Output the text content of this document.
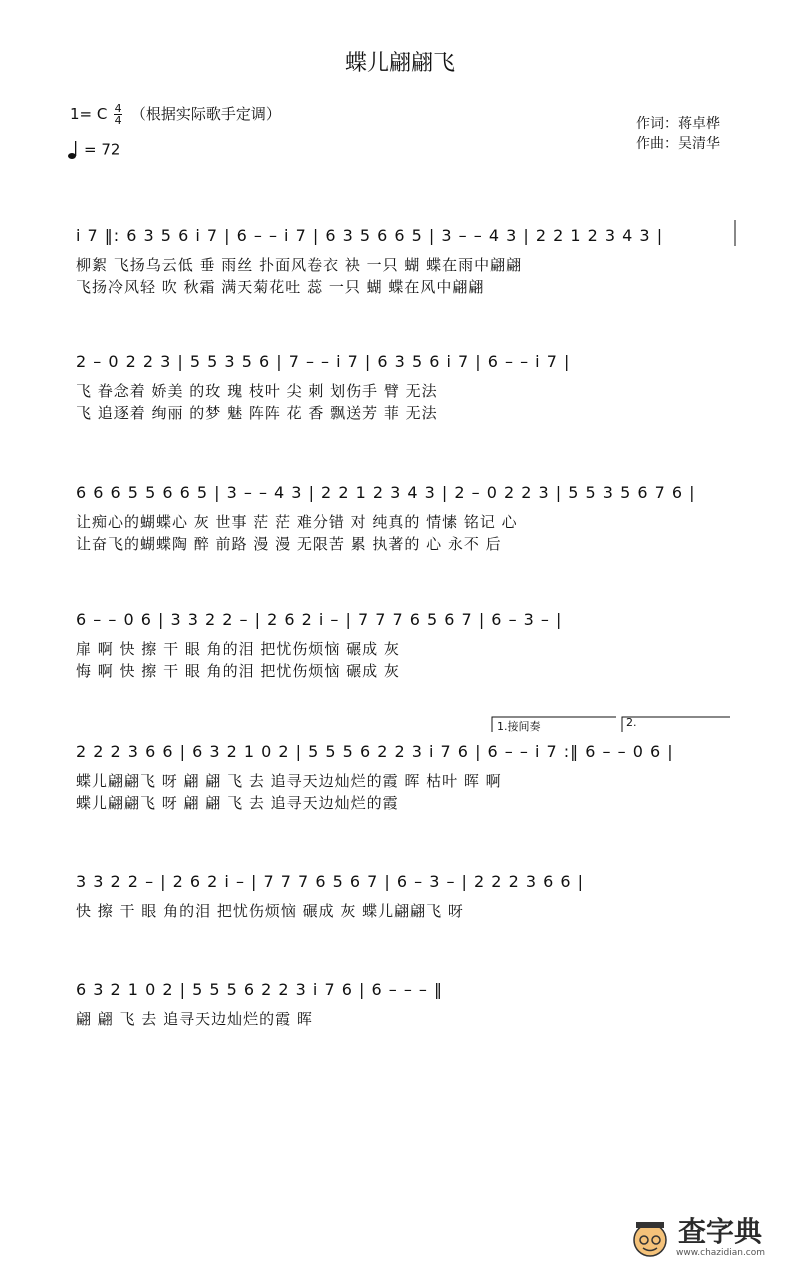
蝶儿翩翩飞
1= C $\frac{4}{4}$ （根据实际歌手定调）
= 72
作词：蒋卓桦
作曲：吴清华
i 7 ‖: 6 3 5 6 i 7 | 6 – – i 7 | 6 3 5 6 6 5 | 3 – – 4 3 | 2 2 1 2 3 4 3 |
柳絮 飞扬乌云低 垂 雨丝 扑面风卷衣 袂 一只 蝴 蝶在雨中翩翩
飞扬冷风轻 吹 秋霜 满天菊花吐 蕊 一只 蝴 蝶在风中翩翩
2 – 0 2 2 3 | 5 5 3 5 6 | 7 – – i 7 | 6 3 5 6 i 7 | 6 – – i 7 |
飞 眷念着 娇美 的玫 瑰 枝叶 尖 刺 划伤手 臂 无法
飞 追逐着 绚丽 的梦 魅 阵阵 花 香 飘送芳 菲 无法
6 6 6 5 5 6 6 5 | 3 – – 4 3 | 2 2 1 2 3 4 3 | 2 – 0 2 2 3 | 5 5 3 5 6 7 6 |
让痴心的蝴蝶心 灰 世事 茫 茫 难分错 对 纯真的 情愫 铭记 心
让奋飞的蝴蝶陶 醉 前路 漫 漫 无限苦 累 执著的 心 永不 后
6 – – 0 6 | 3 3 2 2 – | 2 6 2 i – | 7 7 7 6 5 6 7 | 6 – 3 – |
扉 啊 快 擦 干 眼 角的泪 把忧伤烦恼 碾成 灰
悔 啊 快 擦 干 眼 角的泪 把忧伤烦恼 碾成 灰
1.接间奏	2.
2 2 2 3 6 6 | 6 3 2 1 0 2 | 5 5 5 6 2 2 3 i 7 6 | 6 – – i 7 :‖ 6 – – 0 6 |
蝶儿翩翩飞 呀 翩 翩 飞 去 追寻天边灿烂的霞 晖 枯叶 晖 啊
蝶儿翩翩飞 呀 翩 翩 飞 去 追寻天边灿烂的霞
3 3 2 2 – | 2 6 2 i – | 7 7 7 6 5 6 7 | 6 – 3 – | 2 2 2 3 6 6 |
快 擦 干 眼 角的泪 把忧伤烦恼 碾成 灰 蝶儿翩翩飞 呀
6 3 2 1 0 2 | 5 5 5 6 2 2 3 i 7 6 | 6 – – – ‖
翩 翩 飞 去 追寻天边灿烂的霞 晖
查字典
www.chazidian.com
